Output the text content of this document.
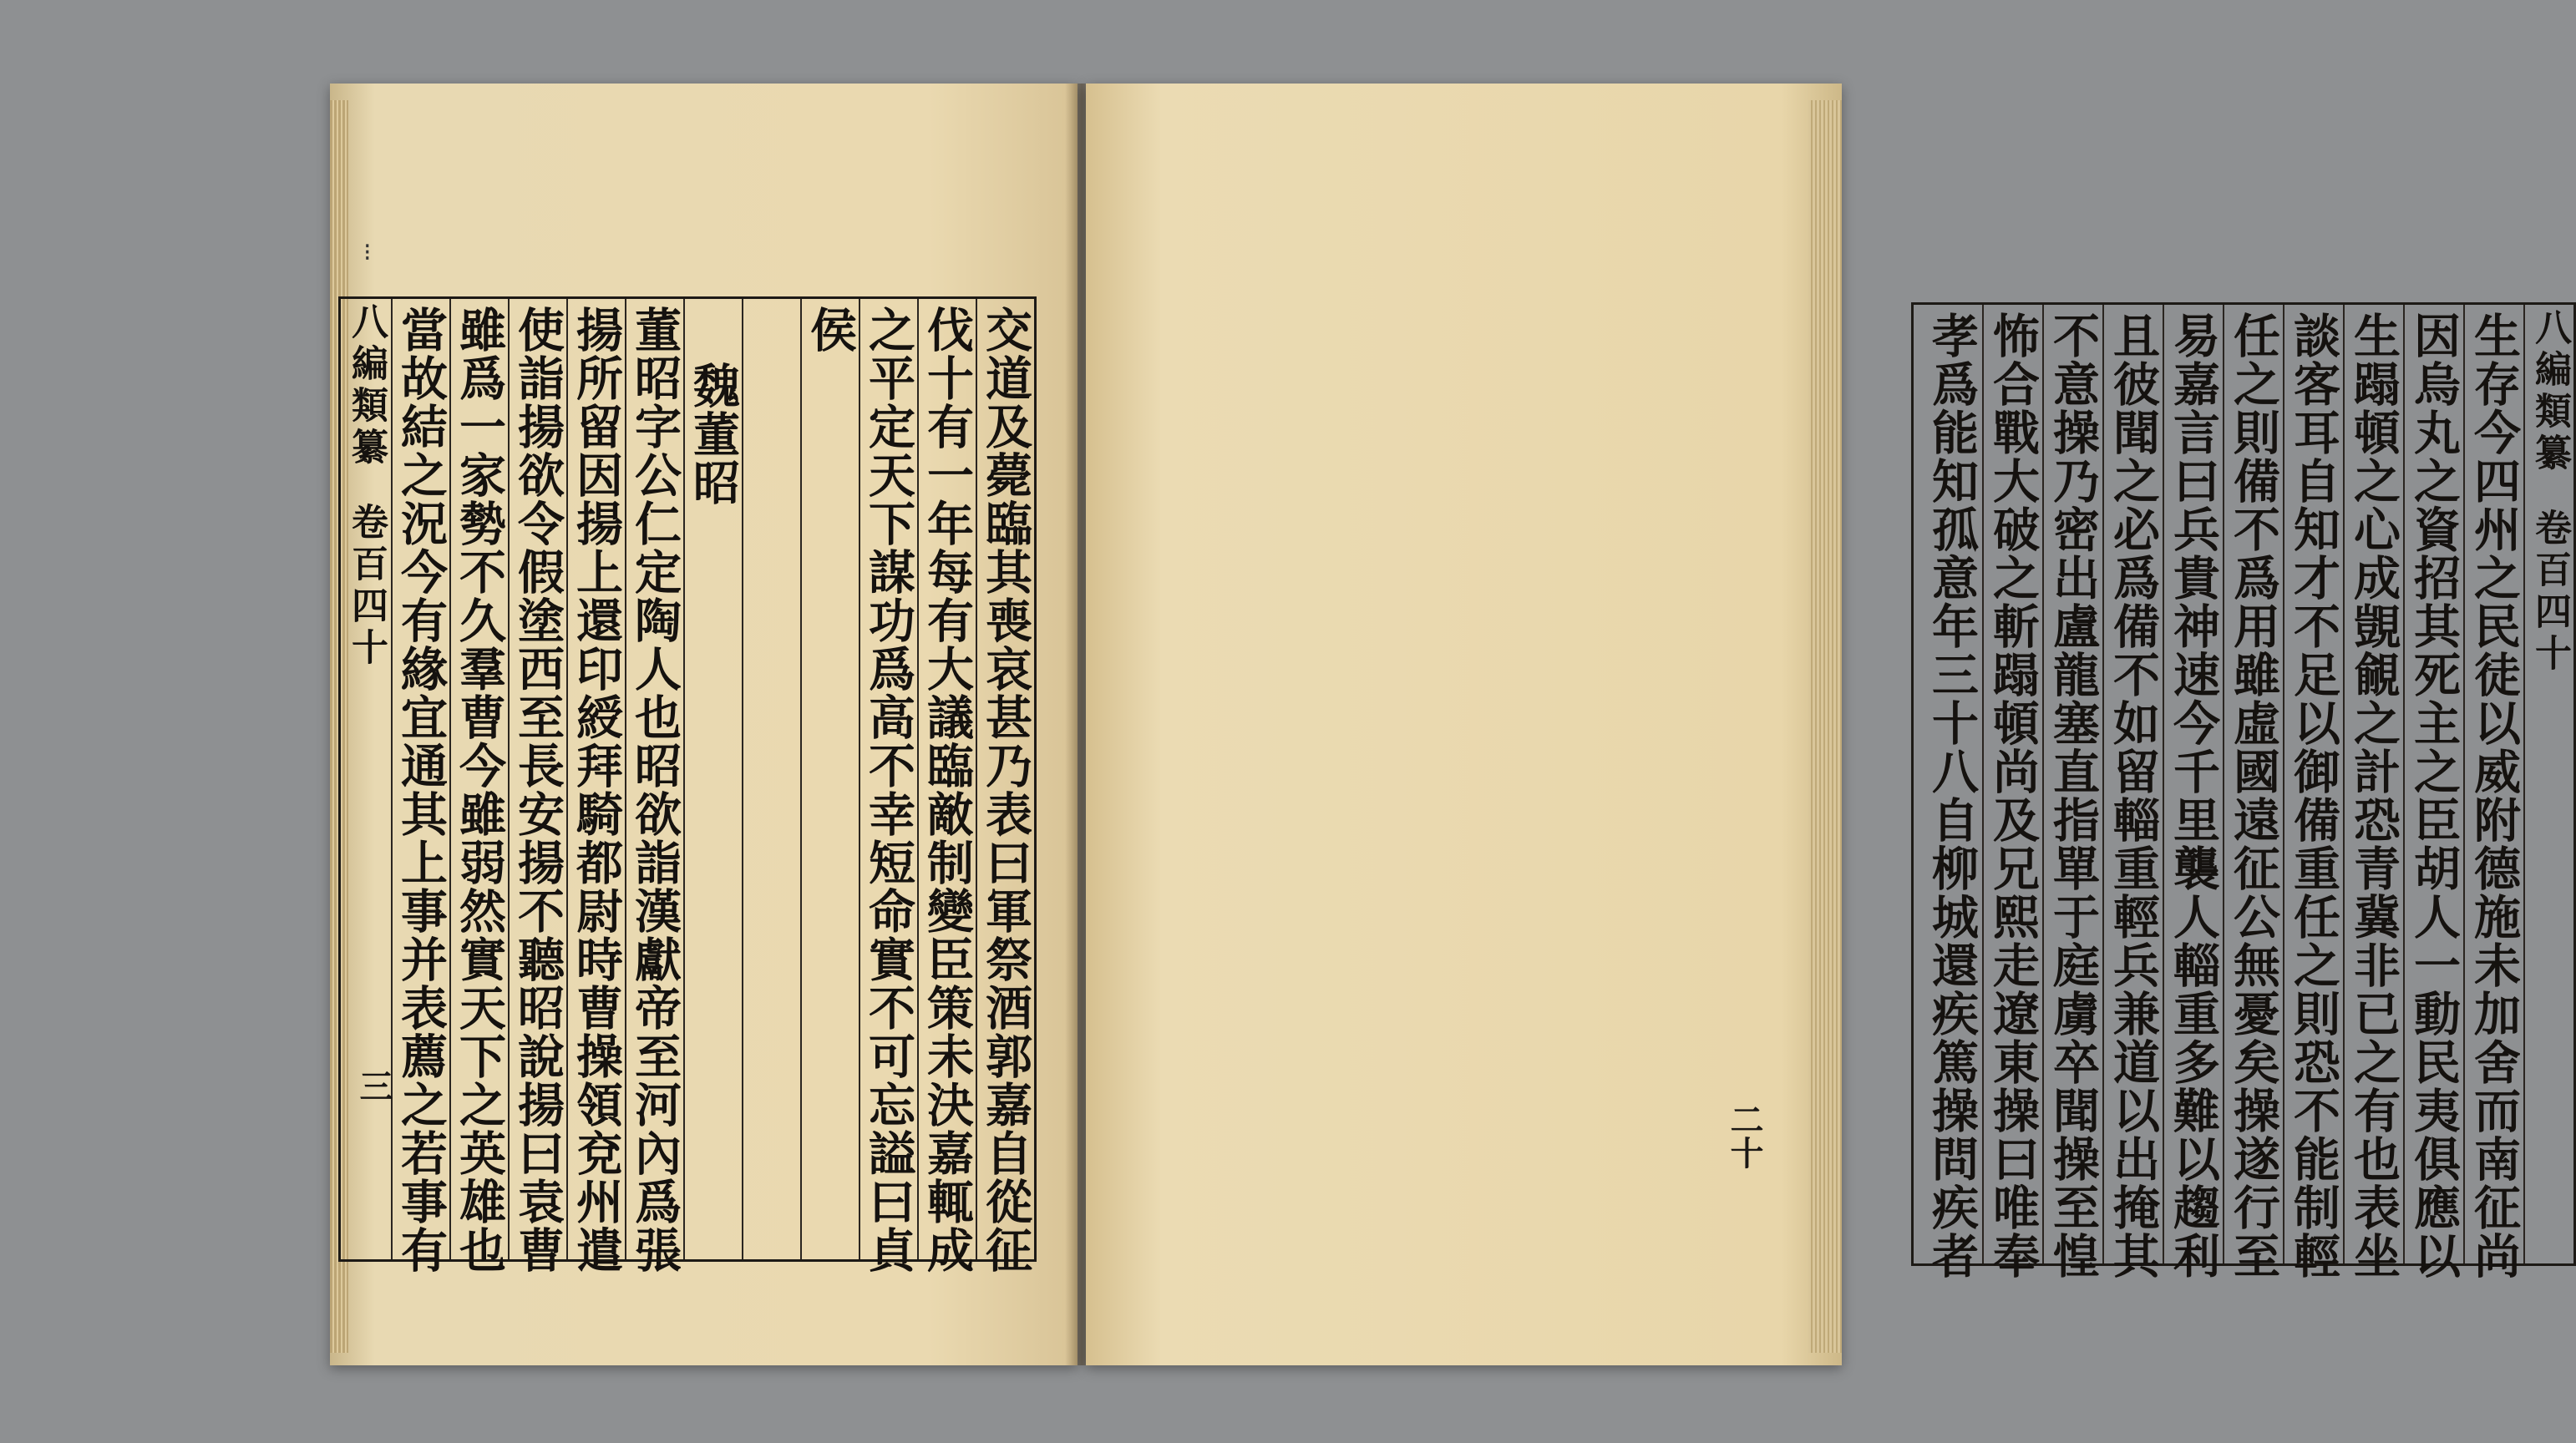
交道及薨臨其喪哀甚乃表曰軍祭酒郭嘉自從征
伐十有一年每有大議臨敵制變臣策未決嘉輒成
之平定天下謀功爲高不幸短命實不可忘謚曰貞
侯
魏董昭
董昭字公仁定陶人也昭欲詣漢獻帝至河內爲張
揚所留因揚上還印綬拜騎都尉時曹操領兗州遣
使詣揚欲令假塗西至長安揚不聽昭說揚曰袁曹
雖爲一家勢不久羣曹今雖弱然實天下之英雄也
當故結之況今有緣宜通其上事并表薦之若事有
八編類纂卷百四十
三
⁝
八編類纂卷百四十
生存今四州之民徒以威附德施未加舍而南征尚
因烏丸之資招其死主之臣胡人一動民夷俱應以
生蹋頓之心成覬覦之計恐青冀非已之有也表坐
談客耳自知才不足以御備重任之則恐不能制輕
任之則備不爲用雖虛國遠征公無憂矣操遂行至
易嘉言曰兵貴神速今千里襲人輜重多難以趨利
且彼聞之必爲備不如留輜重輕兵兼道以出掩其
不意操乃密出盧龍塞直指單于庭虜卒聞操至惶
怖合戰大破之斬蹋頓尚及兄熙走遼東操曰唯奉
孝爲能知孤意年三十八自柳城還疾篤操問疾者
二十
